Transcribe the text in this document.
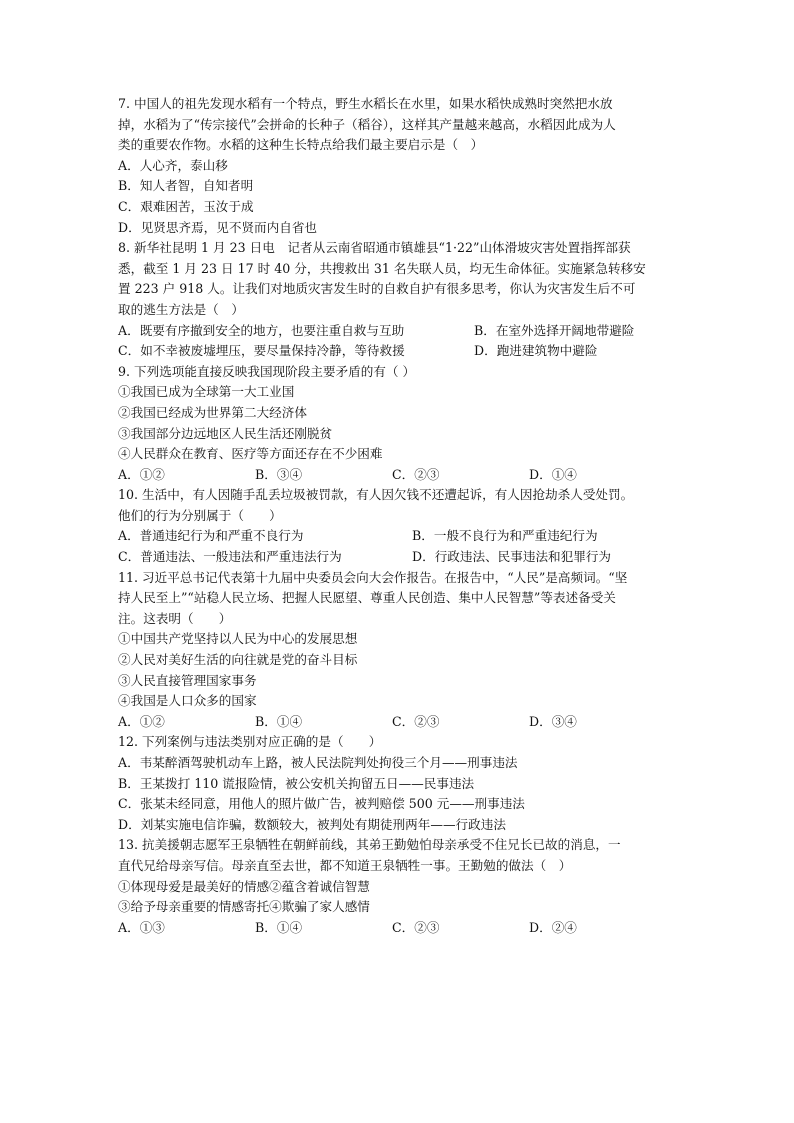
7. 中国人的祖先发现水稻有一个特点，野生水稻长在水里，如果水稻快成熟时突然把水放
掉，水稻为了“传宗接代”会拼命的长种子（稻谷），这样其产量越来越高，水稻因此成为人
类的重要农作物。水稻的这种生长特点给我们最主要启示是（　）
A．人心齐，泰山移
B．知人者智，自知者明
C．艰难困苦，玉汝于成
D．见贤思齐焉，见不贤而内自省也
8. 新华社昆明 1 月 23 日电　记者从云南省昭通市镇雄县“1·22”山体滑坡灾害处置指挥部获
悉，截至 1 月 23 日 17 时 40 分，共搜救出 31 名失联人员，均无生命体征。实施紧急转移安
置 223 户 918 人。让我们对地质灾害发生时的自救自护有很多思考，你认为灾害发生后不可
取的逃生方法是（　）
A．既要有序撤到安全的地方，也要注重自救与互助	B．在室外选择开阔地带避险
C．如不幸被废墟埋压，要尽量保持冷静，等待救援	D．跑进建筑物中避险
9. 下列选项能直接反映我国现阶段主要矛盾的有（ ）
①我国已成为全球第一大工业国
②我国已经成为世界第二大经济体
③我国部分边远地区人民生活还刚脱贫
④人民群众在教育、医疗等方面还存在不少困难
A．①②	B．③④	C．②③	D．①④
10. 生活中，有人因随手乱丢垃圾被罚款，有人因欠钱不还遭起诉，有人因抢劫杀人受处罚。
他们的行为分别属于（　　）
A．普通违纪行为和严重不良行为	B．一般不良行为和严重违纪行为
C．普通违法、一般违法和严重违法行为	D．行政违法、民事违法和犯罪行为
11. 习近平总书记代表第十九届中央委员会向大会作报告。在报告中，“人民”是高频词。“坚
持人民至上”“站稳人民立场、把握人民愿望、尊重人民创造、集中人民智慧”等表述备受关
注。这表明（　　）
①中国共产党坚持以人民为中心的发展思想
②人民对美好生活的向往就是党的奋斗目标
③人民直接管理国家事务
④我国是人口众多的国家
A．①②	B．①④	C．②③	D．③④
12. 下列案例与违法类别对应正确的是（　　）
A．韦某醉酒驾驶机动车上路，被人民法院判处拘役三个月——刑事违法
B．王某拨打 110 谎报险情，被公安机关拘留五日——民事违法
C．张某未经同意，用他人的照片做广告，被判赔偿 500 元——刑事违法
D．刘某实施电信诈骗，数额较大，被判处有期徒刑两年——行政违法
13. 抗美援朝志愿军王泉牺牲在朝鲜前线，其弟王勤勉怕母亲承受不住兄长已故的消息，一
直代兄给母亲写信。母亲直至去世，都不知道王泉牺牲一事。王勤勉的做法（　）
①体现母爱是最美好的情感②蕴含着诚信智慧
③给予母亲重要的情感寄托④欺骗了家人感情
A．①③	B．①④	C．②③	D．②④
